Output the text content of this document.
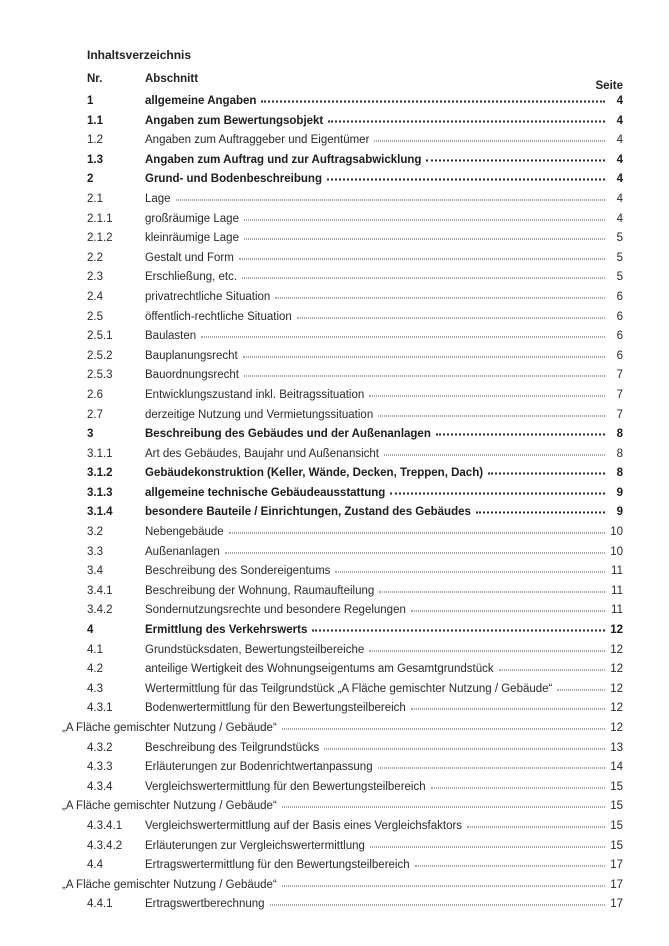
Inhaltsverzeichnis
Nr.	Abschnitt
Seite
1	allgemeine Angaben	4
1.1	Angaben zum Bewertungsobjekt	4
1.2	Angaben zum Auftraggeber und Eigentümer	4
1.3	Angaben zum Auftrag und zur Auftragsabwicklung	4
2	Grund- und Bodenbeschreibung	4
2.1	Lage	4
2.1.1	großräumige Lage	4
2.1.2	kleinräumige Lage	5
2.2	Gestalt und Form	5
2.3	Erschließung, etc.	5
2.4	privatrechtliche Situation	6
2.5	öffentlich-rechtliche Situation	6
2.5.1	Baulasten	6
2.5.2	Bauplanungsrecht	6
2.5.3	Bauordnungsrecht	7
2.6	Entwicklungszustand inkl. Beitragssituation	7
2.7	derzeitige Nutzung und Vermietungssituation	7
3	Beschreibung des Gebäudes und der Außenanlagen	8
3.1.1	Art des Gebäudes, Baujahr und Außenansicht	8
3.1.2	Gebäudekonstruktion (Keller, Wände, Decken, Treppen, Dach)	8
3.1.3	allgemeine technische Gebäudeausstattung	9
3.1.4	besondere Bauteile / Einrichtungen, Zustand des Gebäudes	9
3.2	Nebengebäude	10
3.3	Außenanlagen	10
3.4	Beschreibung des Sondereigentums	11
3.4.1	Beschreibung der Wohnung, Raumaufteilung	11
3.4.2	Sondernutzungsrechte und besondere Regelungen	11
4	Ermittlung des Verkehrswerts	12
4.1	Grundstücksdaten, Bewertungsteilbereiche	12
4.2	anteilige Wertigkeit des Wohnungseigentums am Gesamtgrundstück	12
4.3	Wertermittlung für das Teilgrundstück „A Fläche gemischter Nutzung / Gebäude“	12
4.3.1	Bodenwertermittlung für den Bewertungsteilbereich	12
„A Fläche gemischter Nutzung / Gebäude“	12
4.3.2	Beschreibung des Teilgrundstücks	13
4.3.3	Erläuterungen zur Bodenrichtwertanpassung	14
4.3.4	Vergleichswertermittlung für den Bewertungsteilbereich	15
„A Fläche gemischter Nutzung / Gebäude“	15
4.3.4.1	Vergleichswertermittlung auf der Basis eines Vergleichsfaktors	15
4.3.4.2	Erläuterungen zur Vergleichswertermittlung	15
4.4	Ertragswertermittlung für den Bewertungsteilbereich	17
„A Fläche gemischter Nutzung / Gebäude“	17
4.4.1	Ertragswertberechnung	17
